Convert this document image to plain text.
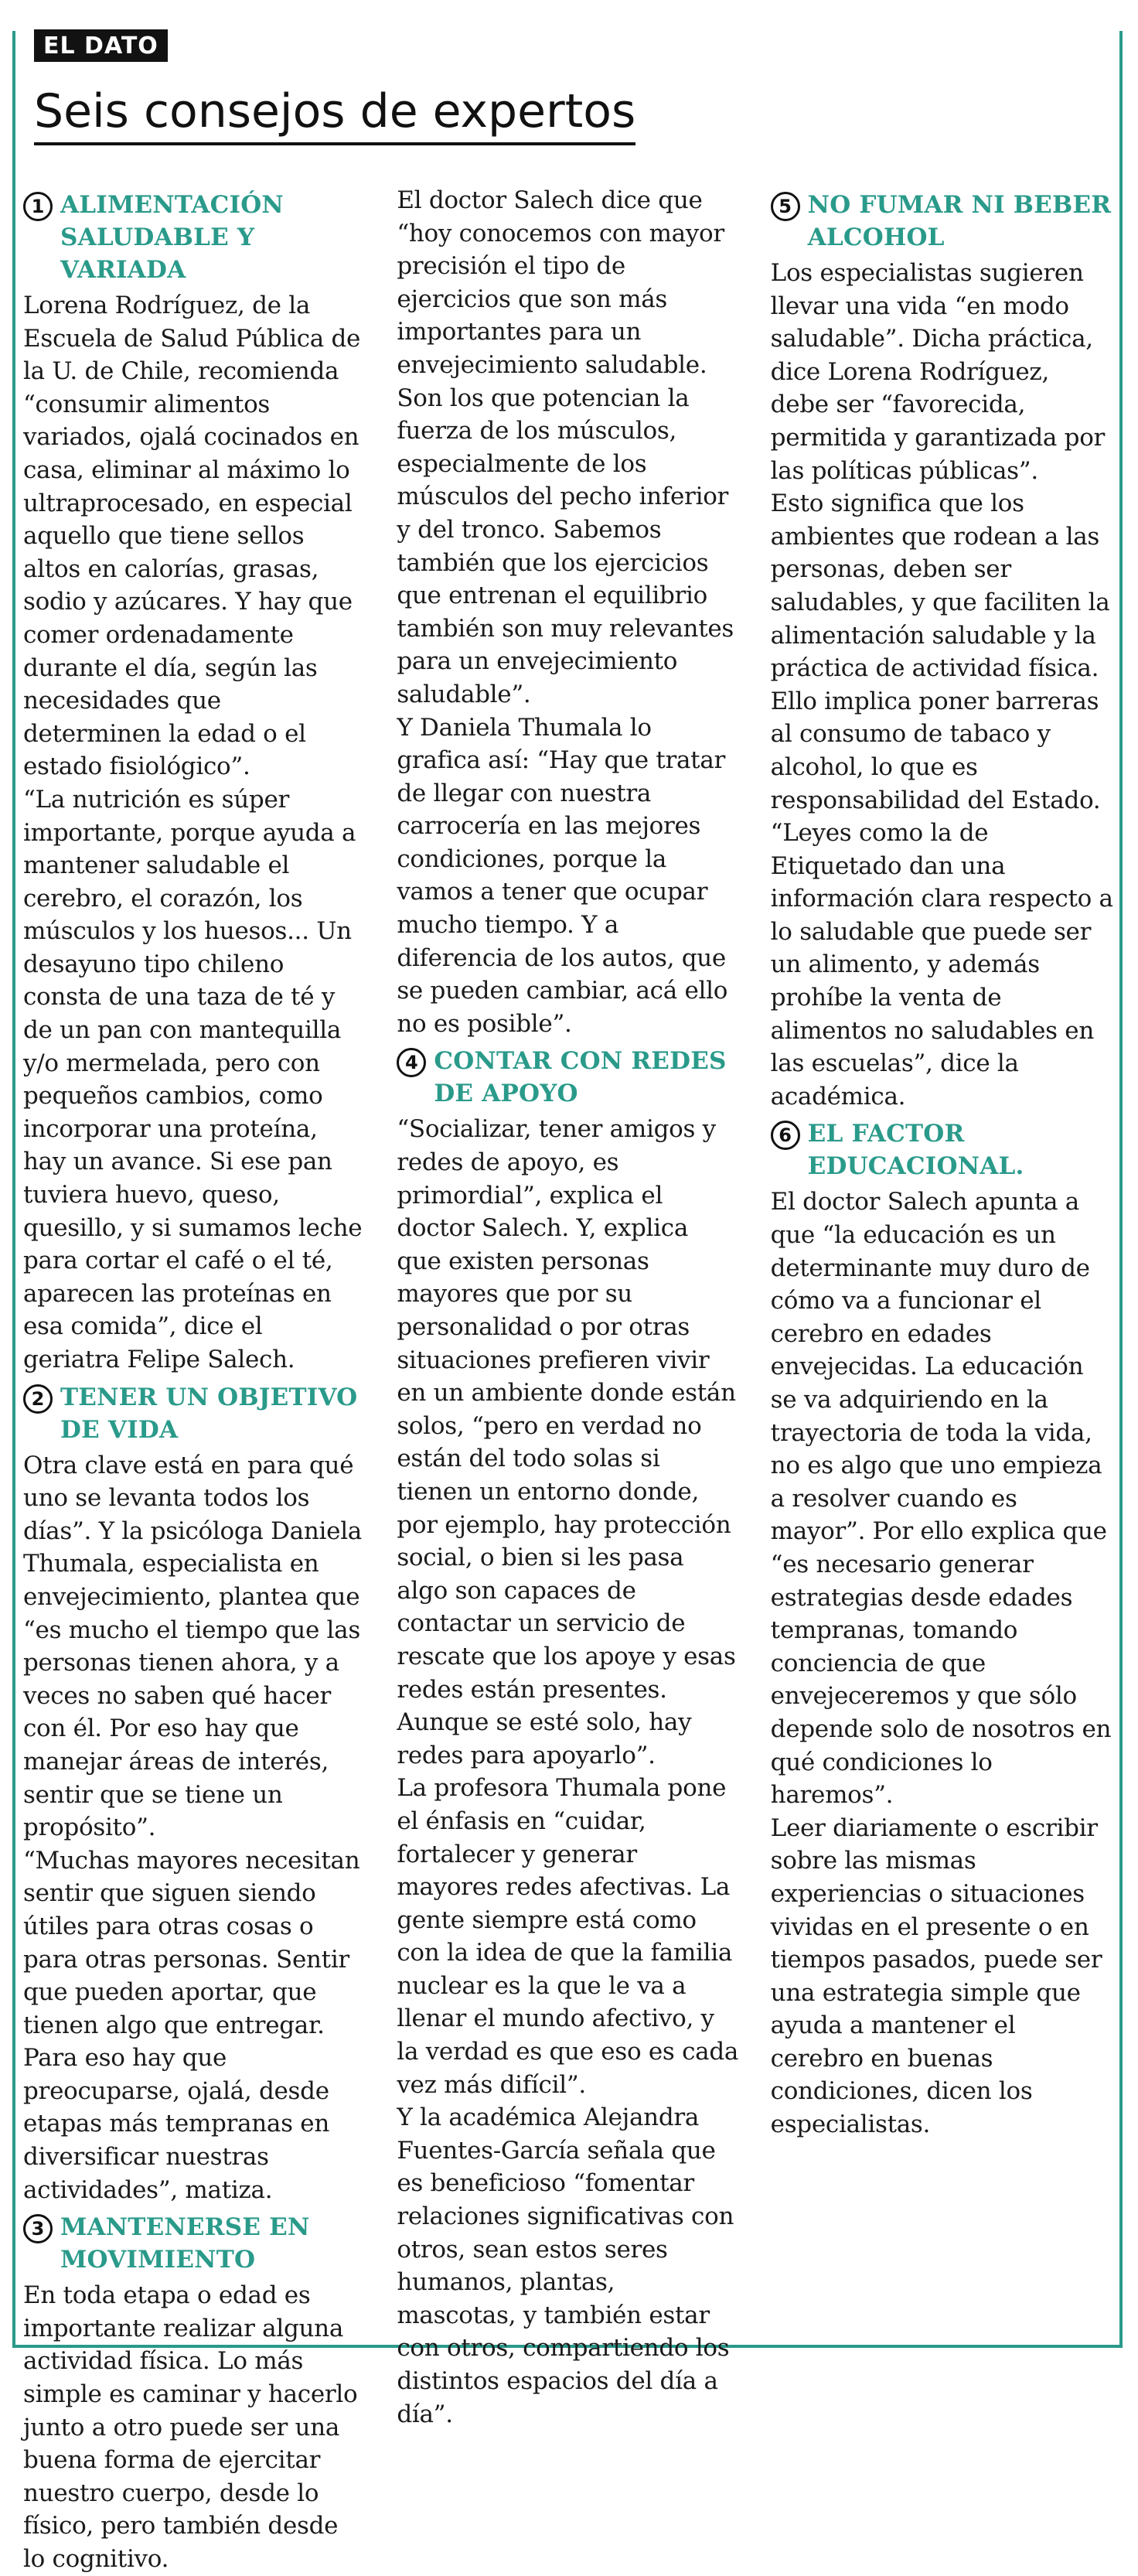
EL DATO
Seis consejos de expertos
1 ALIMENTACIÓN SALUDABLE Y VARIADA

Lorena Rodríguez, de la Escuela de Salud Pública de la U. de Chile, recomienda “consumir alimentos variados, ojalá cocinados en casa, eliminar al máximo lo ultraprocesado, en especial aquello que tiene sellos altos en calorías, grasas, sodio y azúcares. Y hay que comer ordenadamente durante el día, según las necesidades que determinen la edad o el estado fisiológico”.

“La nutrición es súper importante, porque ayuda a mantener saludable el cerebro, el corazón, los músculos y los huesos... Un desayuno tipo chileno consta de una taza de té y de un pan con mantequilla y/o mermelada, pero con pequeños cambios, como incorporar una proteína, hay un avance. Si ese pan tuviera huevo, queso, quesillo, y si sumamos leche para cortar el café o el té, aparecen las proteínas en esa comida”, dice el geriatra Felipe Salech.

2 TENER UN OBJETIVO DE VIDA

Otra clave está en para qué uno se levanta todos los días”. Y la psicóloga Daniela Thumala, especialista en envejecimiento, plantea que “es mucho el tiempo que las personas tienen ahora, y a veces no saben qué hacer con él. Por eso hay que manejar áreas de interés, sentir que se tiene un propósito”.

“Muchas mayores necesitan sentir que siguen siendo útiles para otras cosas o para otras personas. Sentir que pueden aportar, que tienen algo que entregar. Para eso hay que preocuparse, ojalá, desde etapas más tempranas en diversificar nuestras actividades”, matiza.

3 MANTENERSE EN MOVIMIENTO

En toda etapa o edad es importante realizar alguna actividad física. Lo más simple es caminar y hacerlo junto a otro puede ser una buena forma de ejercitar nuestro cuerpo, desde lo físico, pero también desde lo cognitivo.

El doctor Salech dice que “hoy conocemos con mayor precisión el tipo de ejercicios que son más importantes para un envejecimiento saludable. Son los que potencian la fuerza de los músculos, especialmente de los músculos del pecho inferior y del tronco. Sabemos también que los ejercicios que entrenan el equilibrio también son muy relevantes para un envejecimiento saludable”.

Y Daniela Thumala lo grafica así: “Hay que tratar de llegar con nuestra carrocería en las mejores condiciones, porque la vamos a tener que ocupar mucho tiempo. Y a diferencia de los autos, que se pueden cambiar, acá ello no es posible”.

4 CONTAR CON REDES DE APOYO

“Socializar, tener amigos y redes de apoyo, es primordial”, explica el doctor Salech. Y, explica que existen personas mayores que por su personalidad o por otras situaciones prefieren vivir en un ambiente donde están solos, “pero en verdad no están del todo solas si tienen un entorno donde, por ejemplo, hay protección social, o bien si les pasa algo son capaces de contactar un servicio de rescate que los apoye y esas redes están presentes. Aunque se esté solo, hay redes para apoyarlo”.

La profesora Thumala pone el énfasis en “cuidar, fortalecer y generar mayores redes afectivas. La gente siempre está como con la idea de que la familia nuclear es la que le va a llenar el mundo afectivo, y la verdad es que eso es cada vez más difícil”.

Y la académica Alejandra Fuentes-García señala que es beneficioso “fomentar relaciones significativas con otros, sean estos seres humanos, plantas, mascotas, y también estar con otros, compartiendo los distintos espacios del día a día”.

5 NO FUMAR NI BEBER ALCOHOL

Los especialistas sugieren llevar una vida “en modo saludable”. Dicha práctica, dice Lorena Rodríguez, debe ser “favorecida, permitida y garantizada por las políticas públicas”.

Esto significa que los ambientes que rodean a las personas, deben ser saludables, y que faciliten la alimentación saludable y la práctica de actividad física. Ello implica poner barreras al consumo de tabaco y alcohol, lo que es responsabilidad del Estado.

“Leyes como la de Etiquetado dan una información clara respecto a lo saludable que puede ser un alimento, y además prohíbe la venta de alimentos no saludables en las escuelas”, dice la académica.

6 EL FACTOR EDUCACIONAL.

El doctor Salech apunta a que “la educación es un determinante muy duro de cómo va a funcionar el cerebro en edades envejecidas. La educación se va adquiriendo en la trayectoria de toda la vida, no es algo que uno empieza a resolver cuando es mayor”. Por ello explica que “es necesario generar estrategias desde edades tempranas, tomando conciencia de que envejeceremos y que sólo depende solo de nosotros en qué condiciones lo haremos”.

Leer diariamente o escribir sobre las mismas experiencias o situaciones vividas en el presente o en tiempos pasados, puede ser una estrategia simple que ayuda a mantener el cerebro en buenas condiciones, dicen los especialistas.
